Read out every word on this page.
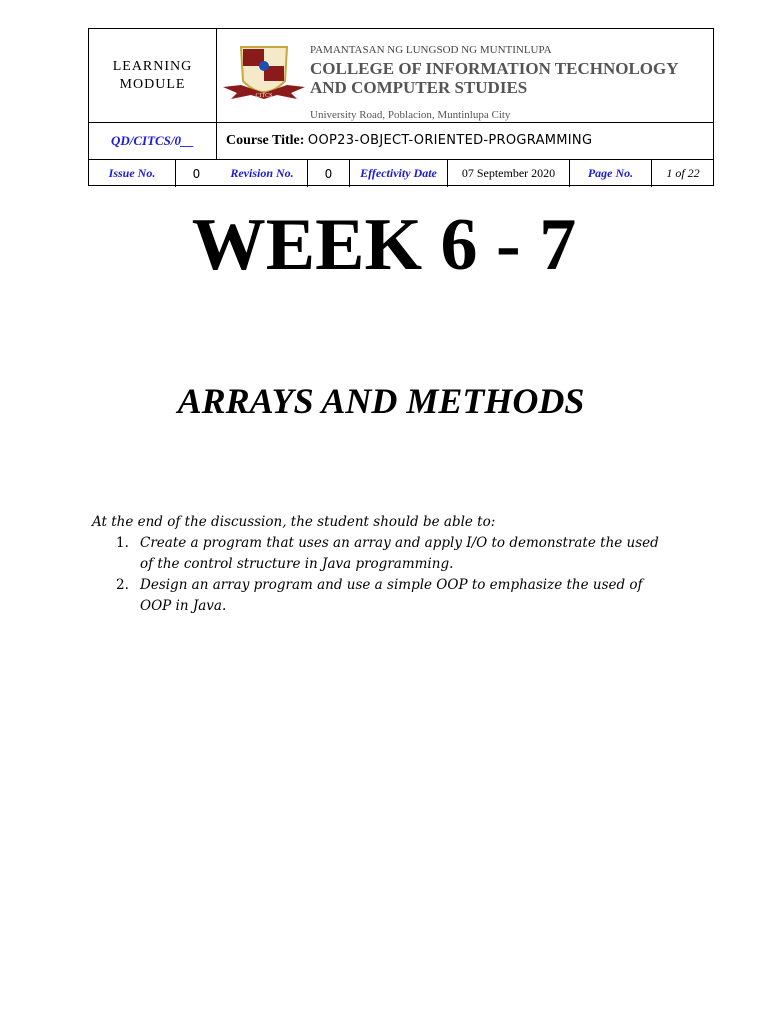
LEARNING MODULE
CITCS
PAMANTASAN NG LUNGSOD NG MUNTINLUPA
COLLEGE OF INFORMATION TECHNOLOGY
AND COMPUTER STUDIES
University Road, Poblacion, Muntinlupa City
QD/CITCS/0__	Course Title: OOP23-OBJECT-ORIENTED-PROGRAMMING
Issue No.	0	Revision No.	0	Effectivity Date	07 September 2020	Page No.	1 of 22
WEEK 6 - 7
ARRAYS AND METHODS
At the end of the discussion, the student should be able to:
1. Create a program that uses an array and apply I/O to demonstrate the used of the control structure in Java programming.
2. Design an array program and use a simple OOP to emphasize the used of OOP in Java.
